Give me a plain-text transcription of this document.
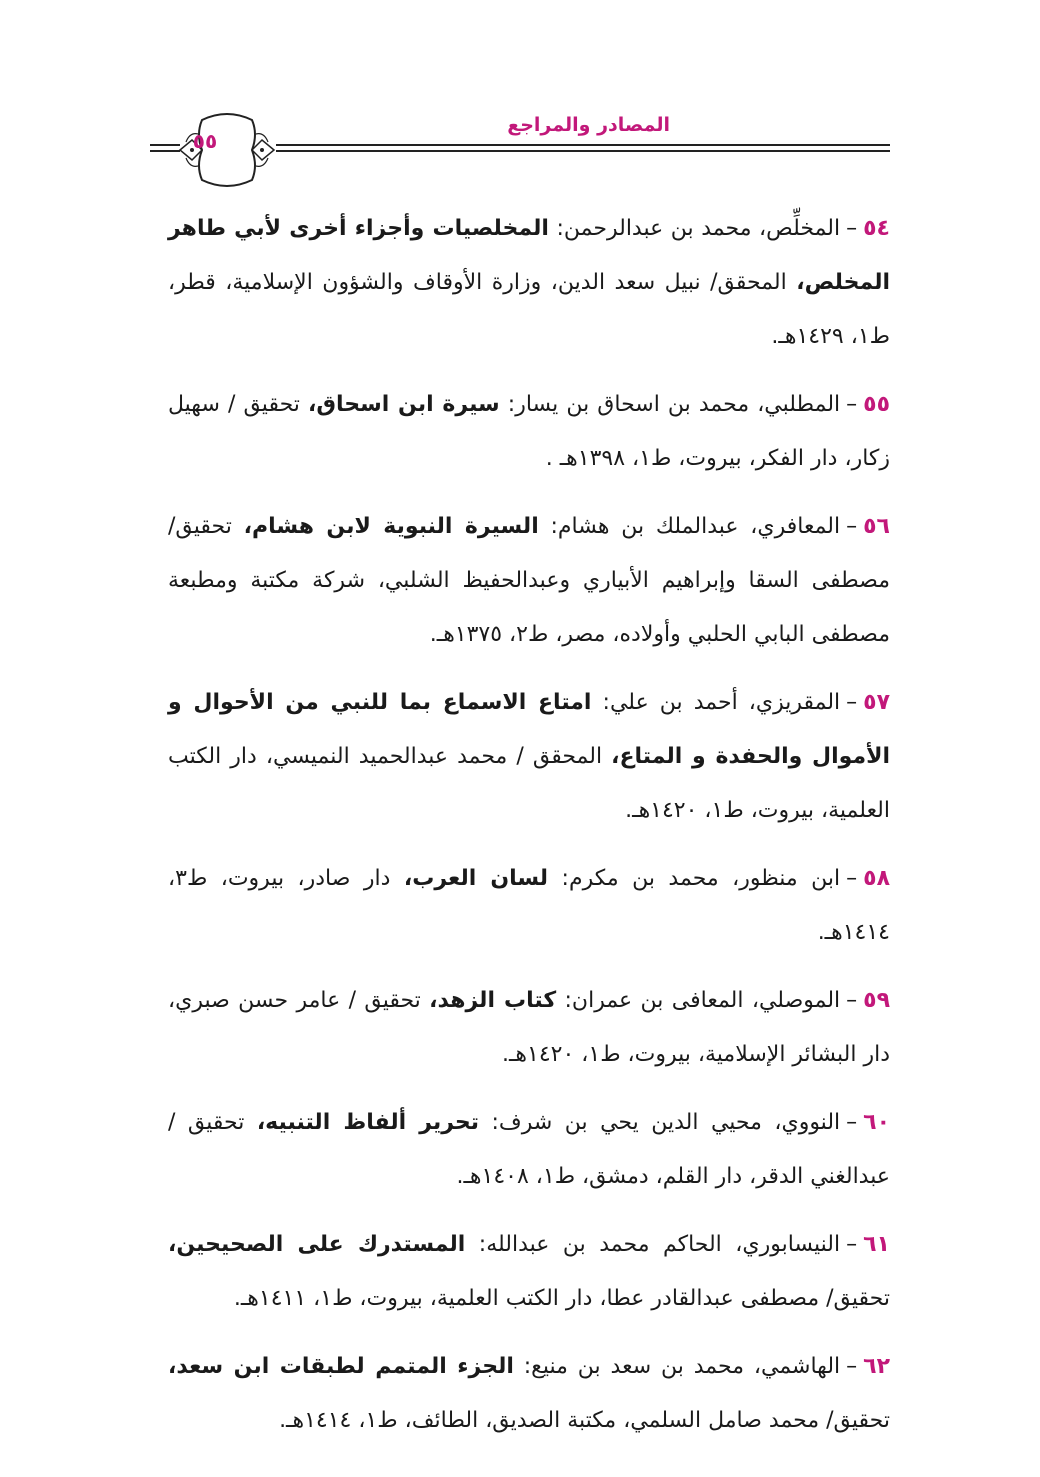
٥٥
المصادر والمراجع
٥٤–المخلِّص، محمد بن عبدالرحمن: المخلصيات وأجزاء أخرى لأبي طاهر المخلص، المحقق/ نبيل سعد الدين، وزارة الأوقاف والشؤون الإسلامية، قطر، ط١، ١٤٢٩هـ.
٥٥–المطلبي، محمد بن اسحاق بن يسار: سيرة ابن اسحاق، تحقيق / سهيل زكار، دار الفكر، بيروت، ط١، ١٣٩٨هـ .
٥٦–المعافري، عبدالملك بن هشام: السيرة النبوية لابن هشام، تحقيق/ مصطفى السقا وإبراهيم الأبياري وعبدالحفيظ الشلبي، شركة مكتبة ومطبعة مصطفى البابي الحلبي وأولاده، مصر، ط٢، ١٣٧٥هـ.
٥٧–المقريزي، أحمد بن علي: امتاع الاسماع بما للنبي من الأحوال و الأموال والحفدة و المتاع، المحقق / محمد عبدالحميد النميسي، دار الكتب العلمية، بيروت، ط١، ١٤٢٠هـ.
٥٨–ابن منظور، محمد بن مكرم: لسان العرب، دار صادر، بيروت، ط٣، ١٤١٤هـ.
٥٩–الموصلي، المعافى بن عمران: كتاب الزهد، تحقيق / عامر حسن صبري، دار البشائر الإسلامية، بيروت، ط١، ١٤٢٠هـ.
٦٠–النووي، محيي الدين يحي بن شرف: تحرير ألفاظ التنبيه، تحقيق / عبدالغني الدقر، دار القلم، دمشق، ط١، ١٤٠٨هـ.
٦١–النيسابوري، الحاكم محمد بن عبدالله: المستدرك على الصحيحين، تحقيق/ مصطفى عبدالقادر عطا، دار الكتب العلمية، بيروت، ط١، ١٤١١هـ.
٦٢–الهاشمي، محمد بن سعد بن منيع: الجزء المتمم لطبقات ابن سعد، تحقيق/ محمد صامل السلمي، مكتبة الصديق، الطائف، ط١، ١٤١٤هـ.
